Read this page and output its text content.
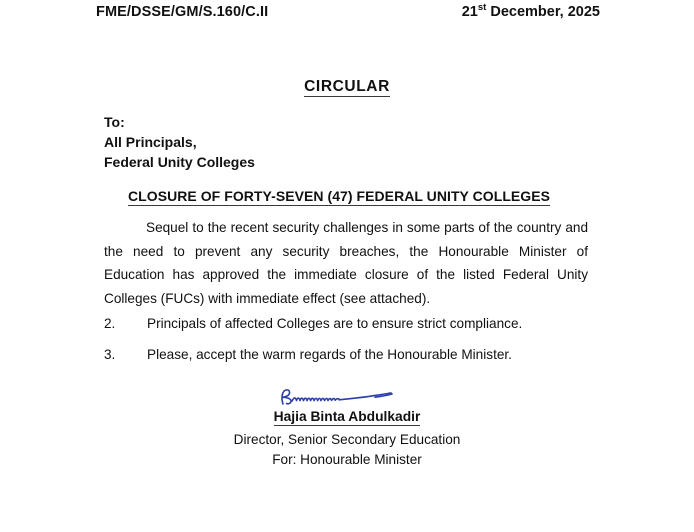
FME/DSSE/GM/S.160/C.II	21st December, 2025
CIRCULAR
To:
All Principals,
Federal Unity Colleges
CLOSURE OF FORTY-SEVEN (47) FEDERAL UNITY COLLEGES
Sequel to the recent security challenges in some parts of the country and the need to prevent any security breaches, the Honourable Minister of Education has approved the immediate closure of the listed Federal Unity Colleges (FUCs) with immediate effect (see attached).
2.	Principals of affected Colleges are to ensure strict compliance.
3.	Please, accept the warm regards of the Honourable Minister.
Hajia Binta Abdulkadir
Director, Senior Secondary Education
For: Honourable Minister
